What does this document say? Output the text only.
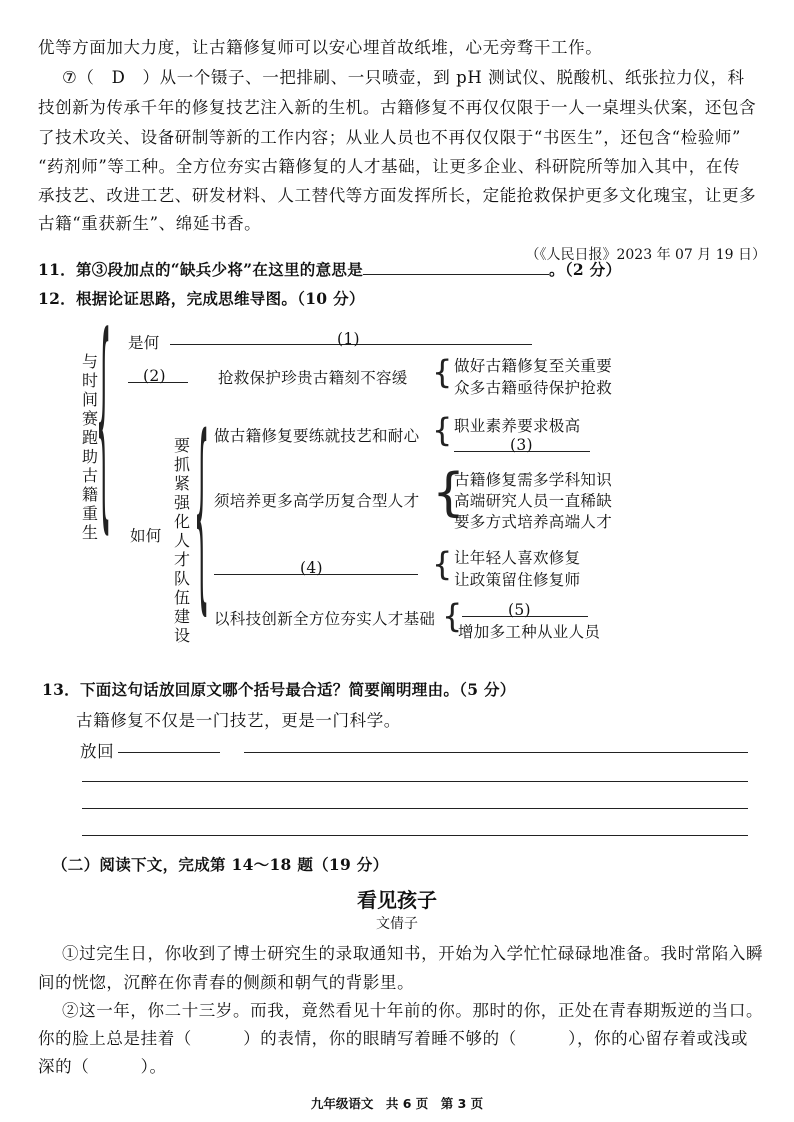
优等方面加大力度，让古籍修复师可以安心埋首故纸堆，心无旁骛干工作。
⑦（　D　）从一个镊子、一把排刷、一只喷壶，到 pH 测试仪、脱酸机、纸张拉力仪，科
技创新为传承千年的修复技艺注入新的生机。古籍修复不再仅仅限于一人一桌埋头伏案，还包含
了技术攻关、设备研制等新的工作内容；从业人员也不再仅仅限于“书医生”，还包含“检验师”
“药剂师”等工种。全方位夯实古籍修复的人才基础，让更多企业、科研院所等加入其中，在传
承技艺、改进工艺、研发材料、人工替代等方面发挥所长，定能抢救保护更多文化瑰宝，让更多
古籍“重获新生”、绵延书香。
（《人民日报》2023 年 07 月 19 日）
11．第③段加点的“缺兵少将”在这里的意思是	。（2 分）
12．根据论证思路，完成思维导图。（10 分）
与时间赛跑助古籍重生
{ 是何	(1)
(2)	抢救保护珍贵古籍刻不容缓 { 做好古籍修复至关重要
众多古籍亟待保护抢救
如何
要抓紧强化人才队伍建设
{ 做古籍修复要练就技艺和耐心 { 职业素养要求极高
(3)
须培养更多高学历复合型人才 {
古籍修复需多学科知识
高端研究人员一直稀缺
要多方式培养高端人才
(4)	{ 让年轻人喜欢修复
让政策留住修复师
以科技创新全方位夯实人才基础 {	(5)
增加多工种从业人员
13．下面这句话放回原文哪个括号最合适？简要阐明理由。（5 分）
古籍修复不仅是一门技艺，更是一门科学。
放回
（二）阅读下文，完成第 14～18 题（19 分）
看见孩子
文倩子
①过完生日，你收到了博士研究生的录取通知书，开始为入学忙忙碌碌地准备。我时常陷入瞬
间的恍惚，沉醉在你青春的侧颜和朝气的背影里。
②这一年，你二十三岁。而我，竟然看见十年前的你。那时的你，正处在青春期叛逆的当口。
你的脸上总是挂着（　　　）的表情，你的眼睛写着睡不够的（　　　），你的心留存着或浅或
深的（　　　）。
九年级语文　共 6 页　第 3 页
